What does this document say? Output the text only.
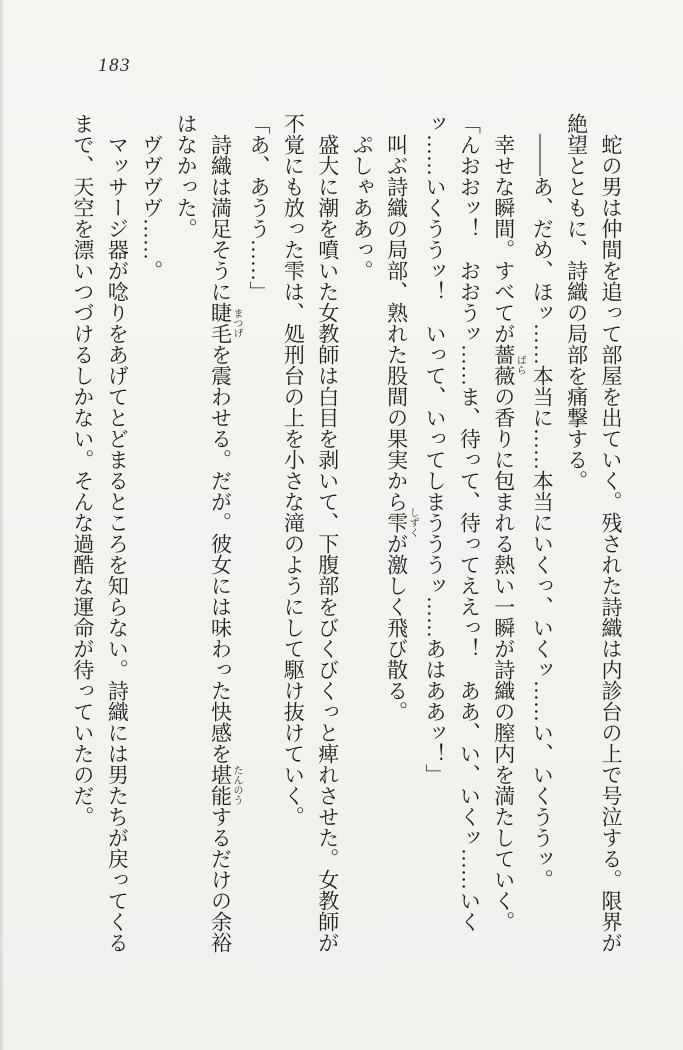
183

蛇の男は仲間を追って部屋を出ていく。残された詩織は内診台の上で号泣する。限界が絶望とともに、詩織の局部を痛撃する。

――あ、だめ、ほッ……本当に……本当にいくっ、いくッ……い、いくううッ。

幸せな瞬間。すべてが薔薇ばらの香りに包まれる熱い一瞬が詩織の膣内を満たしていく。

「んおおッ！　おおうッ……ま、待って、待ってええっ！　ああ、い、いくッ……いくッ……いくううッ！　いって、いってしまうううッ……あはああッ！」

叫ぶ詩織の局部、熟れた股間の果実から雫しずくが激しく飛び散る。

ぷしゃああっ。

盛大に潮を噴いた女教師は白目を剥いて、下腹部をびくびくっと痺れさせた。女教師が不覚にも放った雫は、処刑台の上を小さな滝のようにして駆け抜けていく。

「あ、あうう……」

詩織は満足そうに睫毛まつげを震わせる。だが。彼女には味わった快感を堪能たんのうするだけの余裕はなかった。

ヴヴヴヴ……。

マッサージ器が唸りをあげてとどまるところを知らない。詩織には男たちが戻ってくるまで、天空を漂いつづけるしかない。そんな過酷な運命が待っていたのだ。
